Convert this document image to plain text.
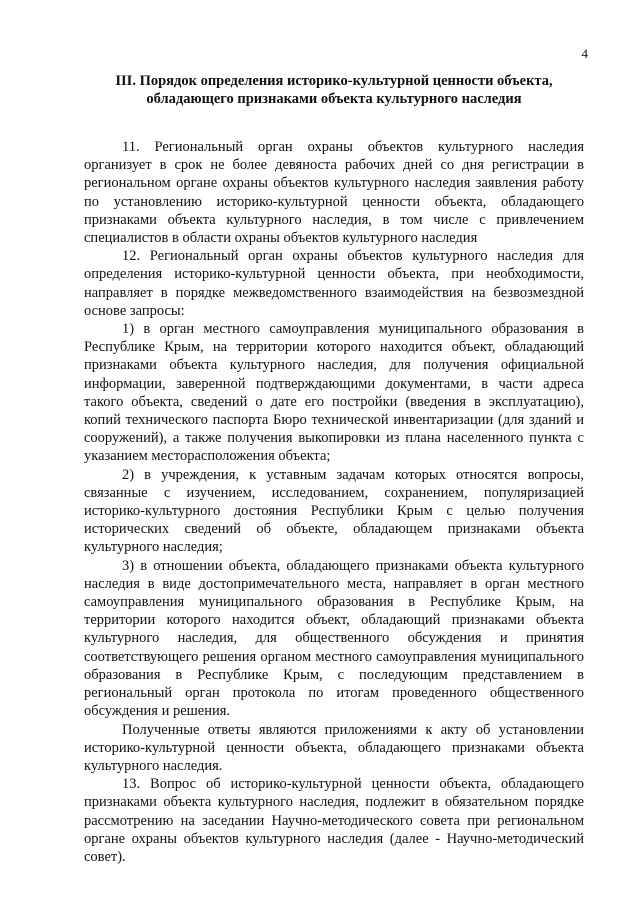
4
III. Порядок определения историко-культурной ценности объекта,
обладающего признаками объекта культурного наследия

11. Региональный орган охраны объектов культурного наследия организует в срок не более девяноста рабочих дней со дня регистрации в региональном органе охраны объектов культурного наследия заявления работу по установлению историко-культурной ценности объекта, обладающего признаками объекта культурного наследия, в том числе с привлечением специалистов в области охраны объектов культурного наследия

12. Региональный орган охраны объектов культурного наследия для определения историко-культурной ценности объекта, при необходимости, направляет в порядке межведомственного взаимодействия на безвозмездной основе запросы:

1) в орган местного самоуправления муниципального образования в Республике Крым, на территории которого находится объект, обладающий признаками объекта культурного наследия, для получения официальной информации, заверенной подтверждающими документами, в части адреса такого объекта, сведений о дате его постройки (введения в эксплуатацию), копий технического паспорта Бюро технической инвентаризации (для зданий и сооружений), а также получения выкопировки из плана населенного пункта с указанием месторасположения объекта;

2) в учреждения, к уставным задачам которых относятся вопросы, связанные с изучением, исследованием, сохранением, популяризацией историко-культурного достояния Республики Крым с целью получения исторических сведений об объекте, обладающем признаками объекта культурного наследия;

3) в отношении объекта, обладающего признаками объекта культурного наследия в виде достопримечательного места, направляет в орган местного самоуправления муниципального образования в Республике Крым, на территории которого находится объект, обладающий признаками объекта культурного наследия, для общественного обсуждения и принятия соответствующего решения органом местного самоуправления муниципального образования в Республике Крым, с последующим представлением в региональный орган протокола по итогам проведенного общественного обсуждения и решения.

Полученные ответы являются приложениями к акту об установлении историко-культурной ценности объекта, обладающего признаками объекта культурного наследия.

13. Вопрос об историко-культурной ценности объекта, обладающего признаками объекта культурного наследия, подлежит в обязательном порядке рассмотрению на заседании Научно-методического совета при региональном органе охраны объектов культурного наследия (далее - Научно-методический совет).
